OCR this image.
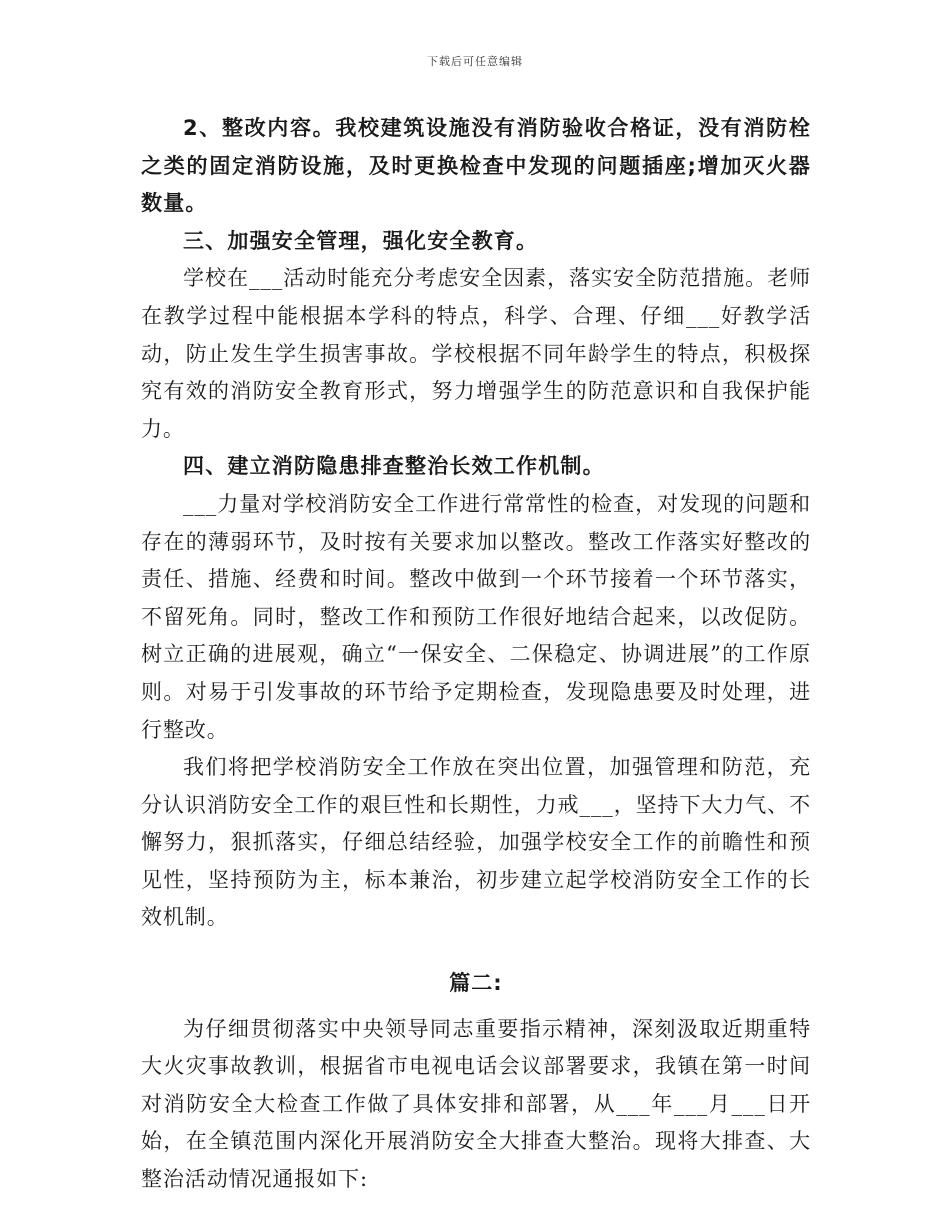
下载后可任意编辑

2、整改内容。我校建筑设施没有消防验收合格证，没有消防栓之类的固定消防设施，及时更换检查中发现的问题插座;增加灭火器数量。

三、加强安全管理，强化安全教育。

学校在___活动时能充分考虑安全因素，落实安全防范措施。老师在教学过程中能根据本学科的特点，科学、合理、仔细___好教学活动，防止发生学生损害事故。学校根据不同年龄学生的特点，积极探究有效的消防安全教育形式，努力增强学生的防范意识和自我保护能力。

四、建立消防隐患排查整治长效工作机制。

___力量对学校消防安全工作进行常常性的检查，对发现的问题和存在的薄弱环节，及时按有关要求加以整改。整改工作落实好整改的责任、措施、经费和时间。整改中做到一个环节接着一个环节落实，不留死角。同时，整改工作和预防工作很好地结合起来，以改促防。树立正确的进展观，确立“一保安全、二保稳定、协调进展”的工作原则。对易于引发事故的环节给予定期检查，发现隐患要及时处理，进行整改。

我们将把学校消防安全工作放在突出位置，加强管理和防范，充分认识消防安全工作的艰巨性和长期性，力戒___，坚持下大力气、不懈努力，狠抓落实，仔细总结经验，加强学校安全工作的前瞻性和预见性，坚持预防为主，标本兼治，初步建立起学校消防安全工作的长效机制。

篇二:

为仔细贯彻落实中央领导同志重要指示精神，深刻汲取近期重特大火灾事故教训，根据省市电视电话会议部署要求，我镇在第一时间对消防安全大检查工作做了具体安排和部署，从___年___月___日开始，在全镇范围内深化开展消防安全大排查大整治。现将大排查、大整治活动情况通报如下:
